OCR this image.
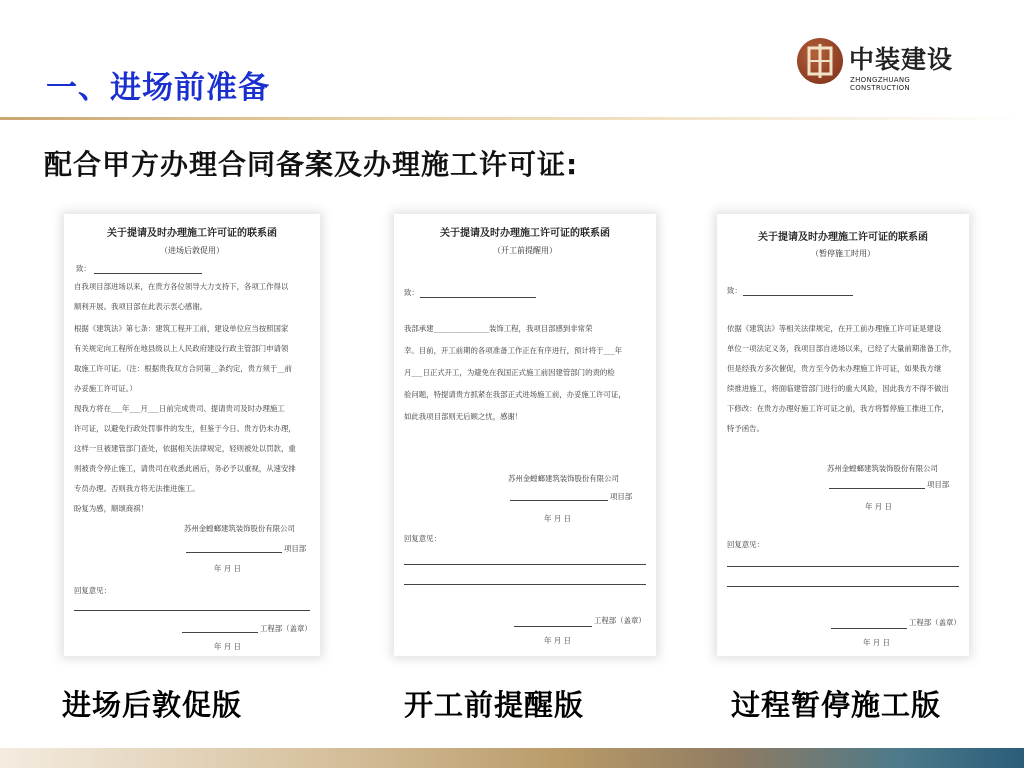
一、进场前准备
中装建设
ZHONGZHUANG CONSTRUCTION
配合甲方办理合同备案及办理施工许可证:
关于提请及时办理施工许可证的联系函
（进场后敦促用）
致：
自我项目部进场以来，在贵方各位领导大力支持下，各项工作得以
顺利开展。我项目部在此表示衷心感谢。
根据《建筑法》第七条：建筑工程开工前，建设单位应当按照国家
有关规定向工程所在地县级以上人民政府建设行政主管部门申请领
取施工许可证。（注：根据贵我双方合同第__条约定，贵方须于__前
办妥施工许可证。）
现我方将在___年___月___日前完成贵司、提请贵司及时办理施工
许可证，以避免行政处罚事件的发生，但鉴于今日、贵方仍未办理，
这样一旦被建管部门查处，依据相关法律规定，轻则被处以罚款，重
则被责令停止施工，请贵司在收悉此函后，务必予以重视，从速安排
专员办理。否则我方将无法推进施工。
盼复为感，顺颂商祺！
苏州金螳螂建筑装饰股份有限公司
项目部
年 月 日
回复意见：
工程部（盖章）
年 月 日
关于提请及时办理施工许可证的联系函
（开工前提醒用）
致：
我部承建_______________装饰工程，我项目部感到非常荣
幸。目前，开工前期的各项准备工作正在有序进行，预计将于___年
月___日正式开工，为避免在我国正式施工前因建管部门的责的检
验问题，特提请贵方抓紧在我部正式进场施工前，办妥施工许可证，
如此我项目部则无后顾之忧，感谢！
苏州金螳螂建筑装饰股份有限公司
项目部
年 月 日
回复意见：
工程部（盖章）
年 月 日
关于提请及时办理施工许可证的联系函
（暂停施工时用）
致：
依据《建筑法》等相关法律规定，在开工前办理施工许可证是建设
单位一项法定义务，我项目部自进场以来，已经了大量前期准备工作，
但是经我方多次催促，贵方至今仍未办理施工许可证，如果我方继
续推进施工，将面临建管部门进行的重大风险，因此我方不得不做出
下修改：在贵方办理好施工许可证之前，我方将暂停施工推进工作，
特予函告。
苏州金螳螂建筑装饰股份有限公司
项目部
年 月 日
回复意见：
工程部（盖章）
年 月 日
进场后敦促版	开工前提醒版	过程暂停施工版
